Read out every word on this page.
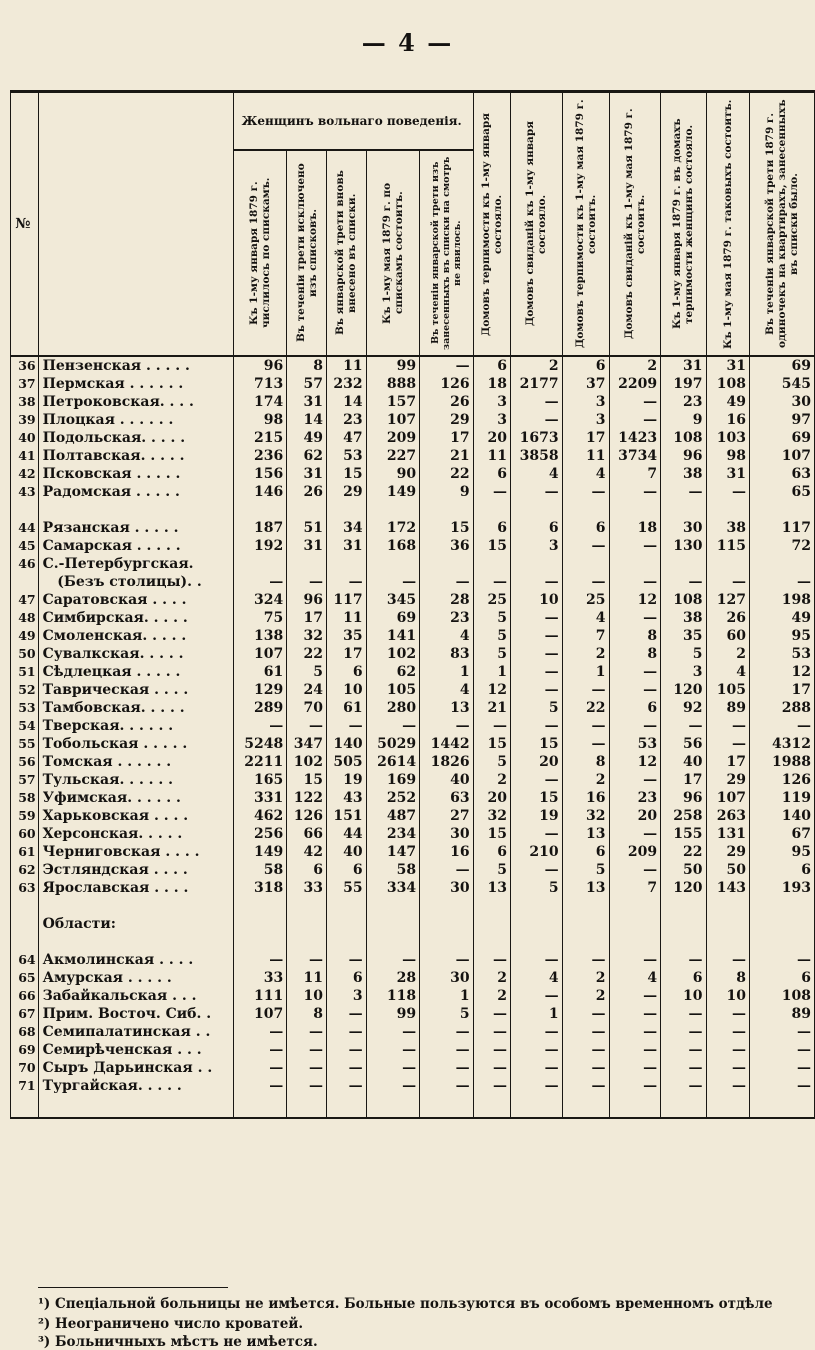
— 4 —
№		Женщинъ вольнаго поведенія.					Домовъ терпимости къ 1-му января состояло.	Домовъ свиданій къ 1-му января состояло.	Домовъ терпимости къ 1-му мая 1879 г. состоитъ.	Домовъ свиданій къ 1-му мая 1879 г. состоитъ.	Къ 1-му января 1879 г. въ домахъ терпимости женщинъ состояло.	Къ 1-му мая 1879 г. таковыхъ состоитъ.	Въ теченіи январской трети 1879 г. одиночекъ на квартирахъ, занесенныхъ въ списки было.

		Къ 1-му января 1879 г. числилось по спискамъ.	Въ теченіи трети исключено изъ списковъ.	Въ январской трети вновь внесено въ списки.	Къ 1-му мая 1879 г. по спискамъ состоитъ.	Въ теченіи январской трети изъ занесенныхъ въ списки на смотръ не явилось.							

36	Пензенская . . . . .	96	8	11	99	—	6	2	6	2	31	31	69
37	Пермская . . . . . .	713	57	232	888	126	18	2177	37	2209	197	108	545
38	Петроковская. . . .	174	31	14	157	26	3	—	3	—	23	49	30
39	Плоцкая . . . . . .	98	14	23	107	29	3	—	3	—	9	16	97
40	Подольская. . . . .	215	49	47	209	17	20	1673	17	1423	108	103	69
41	Полтавская. . . . .	236	62	53	227	21	11	3858	11	3734	96	98	107
42	Псковская . . . . .	156	31	15	90	22	6	4	4	7	38	31	63
43	Радомская . . . . .	146	26	29	149	9	—	—	—	—	—	—	65

44	Рязанская . . . . .	187	51	34	172	15	6	6	6	18	30	38	117
45	Самарская . . . . .	192	31	31	168	36	15	3	—	—	130	115	72
46	С.-Петербургская.												
	(Безъ столицы). .	—	—	—	—	—	—	—	—	—	—	—	—
47	Саратовская . . . .	324	96	117	345	28	25	10	25	12	108	127	198
48	Симбирская. . . . .	75	17	11	69	23	5	—	4	—	38	26	49
49	Смоленская. . . . .	138	32	35	141	4	5	—	7	8	35	60	95
50	Сувалкская. . . . .	107	22	17	102	83	5	—	2	8	5	2	53
51	Сѣдлецкая . . . . .	61	5	6	62	1	1	—	1	—	3	4	12
52	Таврическая . . . .	129	24	10	105	4	12	—	—	—	120	105	17
53	Тамбовская. . . . .	289	70	61	280	13	21	5	22	6	92	89	288
54	Тверская. . . . . .	—	—	—	—	—	—	—	—	—	—	—	—
55	Тобольская . . . . .	5248	347	140	5029	1442	15	15	—	53	56	—	4312
56	Томская . . . . . .	2211	102	505	2614	1826	5	20	8	12	40	17	1988
57	Тульская. . . . . .	165	15	19	169	40	2	—	2	—	17	29	126
58	Уфимская. . . . . .	331	122	43	252	63	20	15	16	23	96	107	119
59	Харьковская . . . .	462	126	151	487	27	32	19	32	20	258	263	140
60	Херсонская. . . . .	256	66	44	234	30	15	—	13	—	155	131	67
61	Черниговская . . . .	149	42	40	147	16	6	210	6	209	22	29	95
62	Эстляндская . . . .	58	6	6	58	—	5	—	5	—	50	50	6
63	Ярославская . . . .	318	33	55	334	30	13	5	13	7	120	143	193

	Области:												

64	Акмолинская . . . .	—	—	—	—	—	—	—	—	—	—	—	—
65	Амурская . . . . .	33	11	6	28	30	2	4	2	4	6	8	6
66	Забайкальская . . .	111	10	3	118	1	2	—	2	—	10	10	108
67	Прим. Восточ. Сиб. .	107	8	—	99	5	—	1	—	—	—	—	89
68	Семипалатинская . .	—	—	—	—	—	—	—	—	—	—	—	—
69	Семирѣченская . . .	—	—	—	—	—	—	—	—	—	—	—	—
70	Сыръ Дарьинская . .	—	—	—	—	—	—	—	—	—	—	—	—
71	Тургайская. . . . .	—	—	—	—	—	—	—	—	—	—	—	—
¹) Спеціальной больницы не имѣется. Больные пользуются въ особомъ временномъ отдѣле
²) Неограничено число кроватей.
³) Больничныхъ мѣстъ не имѣется.
